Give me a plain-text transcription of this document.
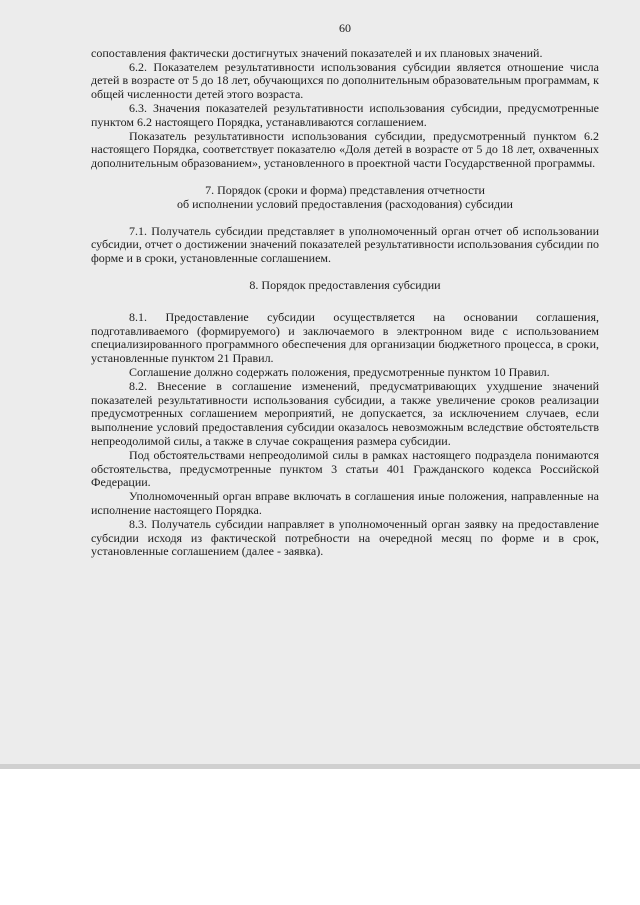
60

сопоставления фактически достигнутых значений показателей и их плановых значений.

6.2. Показателем результативности использования субсидии является отношение числа детей в возрасте от 5 до 18 лет, обучающихся по дополнительным образовательным программам, к общей численности детей этого возраста.

6.3. Значения показателей результативности использования субсидии, предусмотренные пунктом 6.2 настоящего Порядка, устанавливаются соглашением.

Показатель результативности использования субсидии, предусмотренный пунктом 6.2 настоящего Порядка, соответствует показателю «Доля детей в возрасте от 5 до 18 лет, охваченных дополнительным образованием», установленного в проектной части Государственной программы.

7. Порядок (сроки и форма) представления отчетности
об исполнении условий предоставления (расходования) субсидии

7.1. Получатель субсидии представляет в уполномоченный орган отчет об использовании субсидии, отчет о достижении значений показателей результативности использования субсидии по форме и в сроки, установленные соглашением.

8. Порядок предоставления субсидии

8.1. Предоставление субсидии осуществляется на основании соглашения, подготавливаемого (формируемого) и заключаемого в электронном виде с использованием специализированного программного обеспечения для организации бюджетного процесса, в сроки, установленные пунктом 21 Правил.

Соглашение должно содержать положения, предусмотренные пунктом 10 Правил.

8.2. Внесение в соглашение изменений, предусматривающих ухудшение значений показателей результативности использования субсидии, а также увеличение сроков реализации предусмотренных соглашением мероприятий, не допускается, за исключением случаев, если выполнение условий предоставления субсидии оказалось невозможным вследствие обстоятельств непреодолимой силы, а также в случае сокращения размера субсидии.

Под обстоятельствами непреодолимой силы в рамках настоящего подраздела понимаются обстоятельства, предусмотренные пунктом 3 статьи 401 Гражданского кодекса Российской Федерации.

Уполномоченный орган вправе включать в соглашения иные положения, направленные на исполнение настоящего Порядка.

8.3. Получатель субсидии направляет в уполномоченный орган заявку на предоставление субсидии исходя из фактической потребности на очередной месяц по форме и в срок, установленные соглашением (далее - заявка).
